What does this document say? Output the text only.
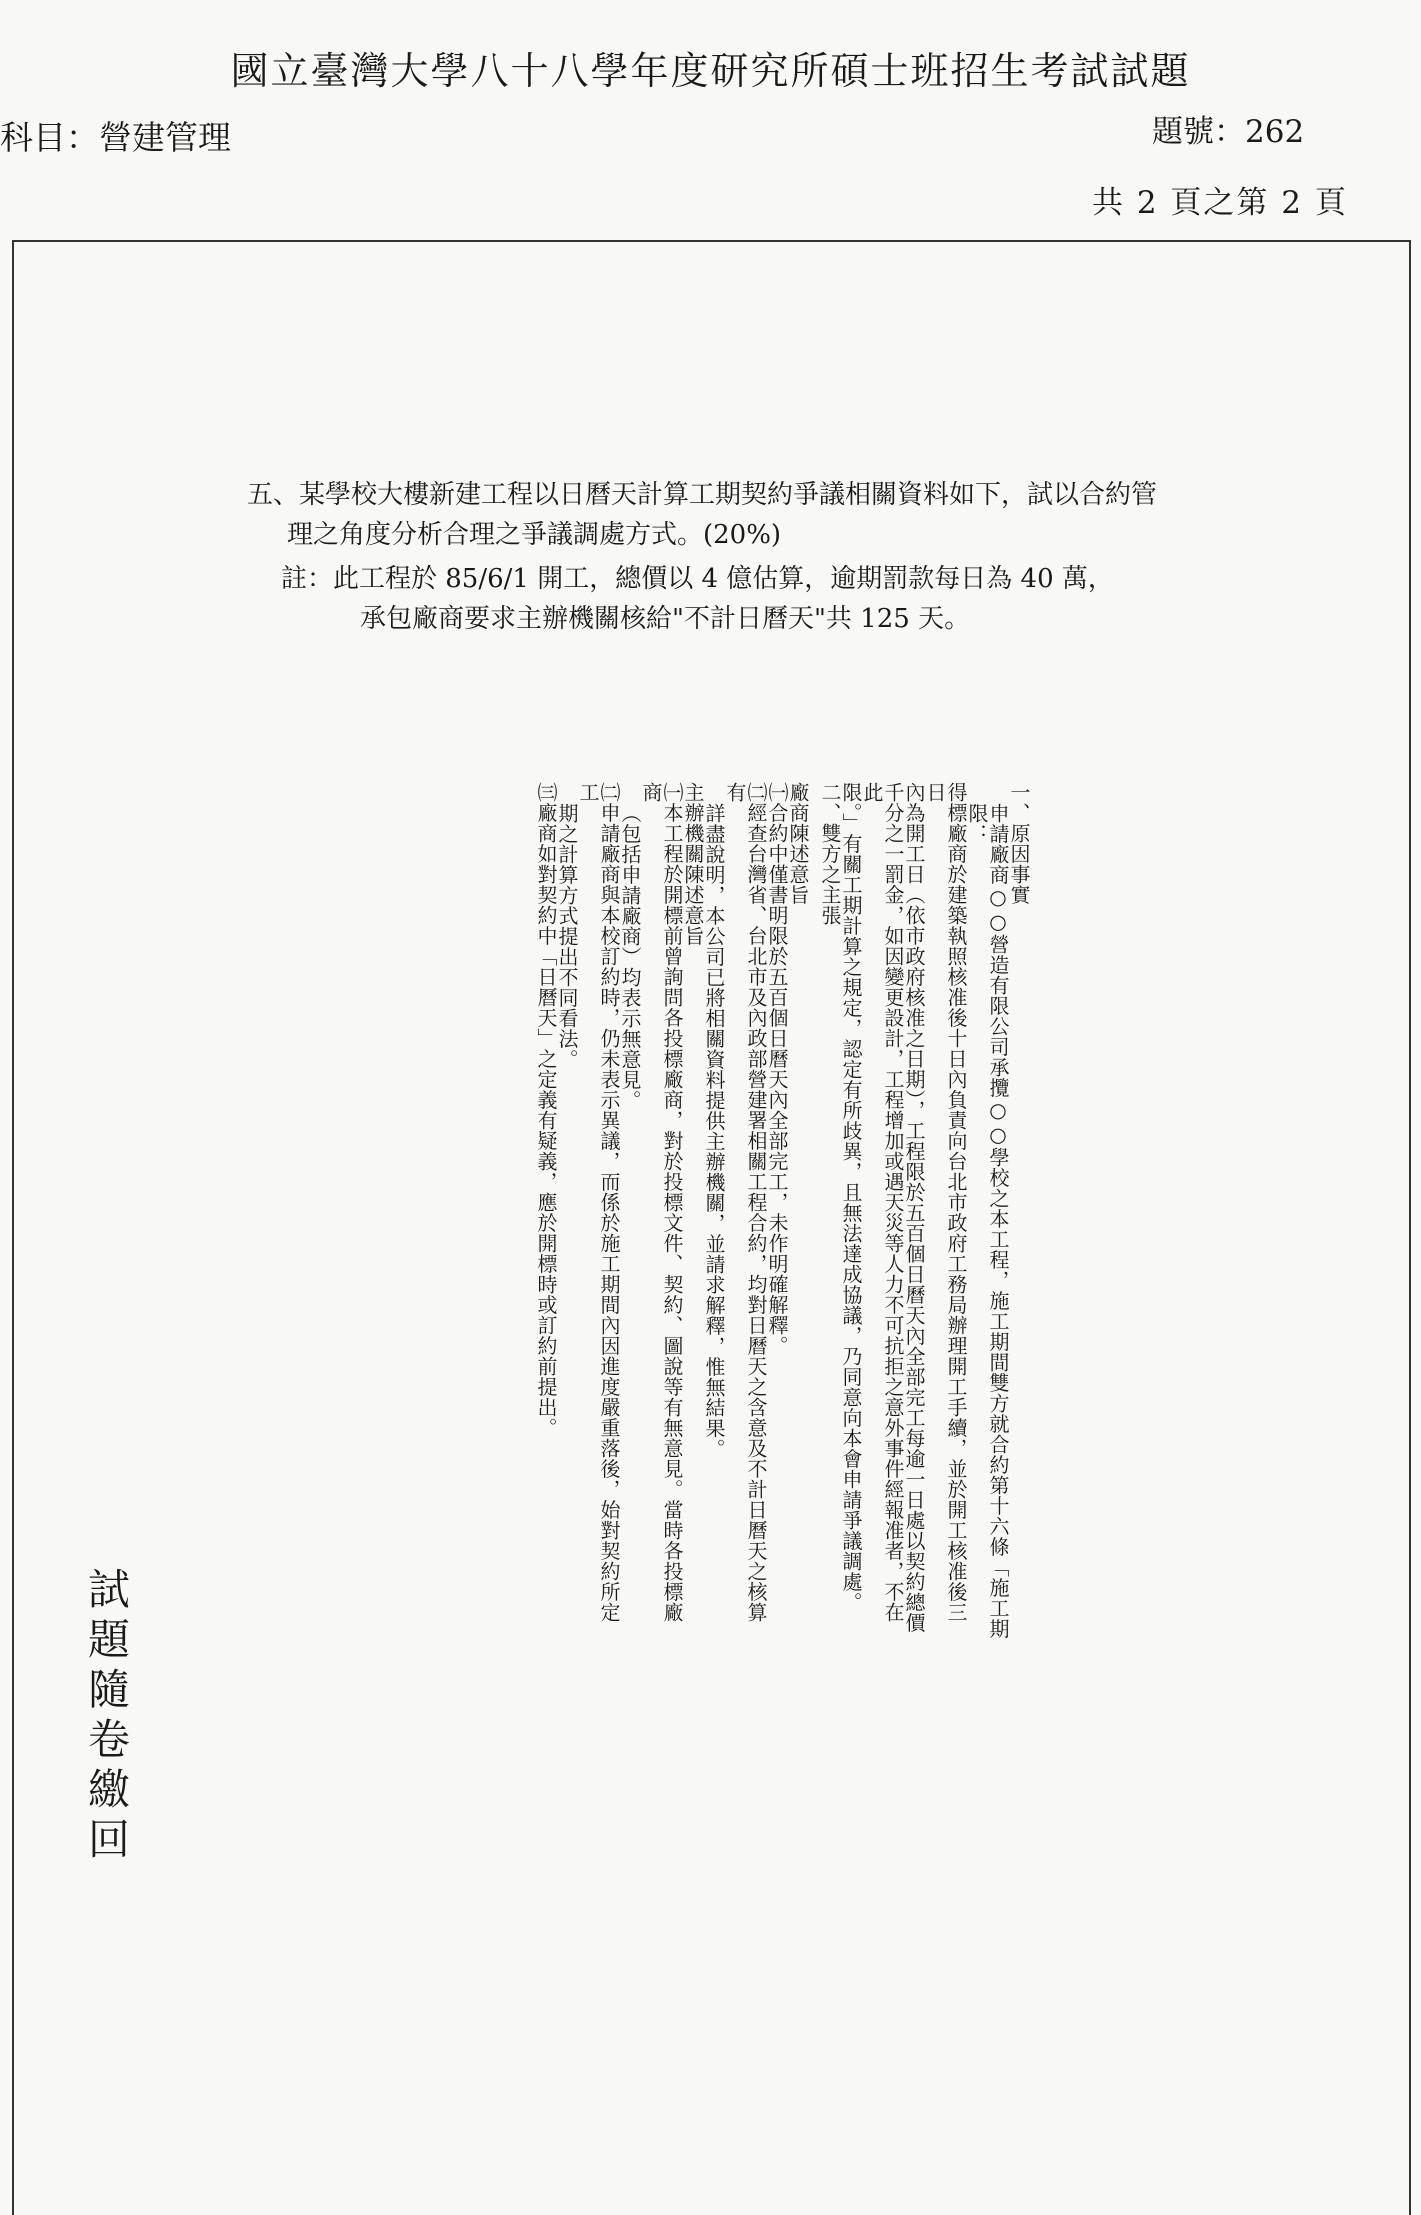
國立臺灣大學八十八學年度研究所碩士班招生考試試題
科目：營建管理	題號：262
共 2 頁之第 2 頁
五、某學校大樓新建工程以日曆天計算工期契約爭議相關資料如下，試以合約管
理之角度分析合理之爭議調處方式。(20%)
註：此工程於 85/6/1 開工，總價以 4 億估算，逾期罰款每日為 40 萬，
承包廠商要求主辦機關核給"不計日曆天"共 125 天。

一、原因事實

申請廠商○○營造有限公司承攬○○學校之本工程，施工期間雙方就合約第十六條「施工期限：

得標廠商於建築執照核准後十日內負責向台北市政府工務局辦理開工手續，並於開工核准後三日

內為開工日（依市政府核准之日期），工程限於五百個日曆天內全部完工每逾一日處以契約總價

千分之一罰金，如因變更設計，工程增加或遇天災等人力不可抗拒之意外事件經報准者，不在此

限。」有關工期計算之規定，認定有所歧異，且無法達成協議，乃同意向本會申請爭議調處。

二、雙方之主張

廠商陳述意旨

㈠合約中僅書明限於五百個日曆天內全部完工，未作明確解釋。

㈡經查台灣省、台北市及內政部營建署相關工程合約，均對日曆天之含意及不計日曆天之核算有

詳盡說明，本公司已將相關資料提供主辦機關，並請求解釋，惟無結果。

主辦機關陳述意旨

㈠本工程於開標前曾詢問各投標廠商，對於投標文件、契約、圖說等有無意見。當時各投標廠商

（包括申請廠商）均表示無意見。

㈡申請廠商與本校訂約時，仍未表示異議，而係於施工期間內因進度嚴重落後，始對契約所定工

期之計算方式提出不同看法。

㈢廠商如對契約中「日曆天」之定義有疑義，應於開標時或訂約前提出。

試題隨卷繳回
